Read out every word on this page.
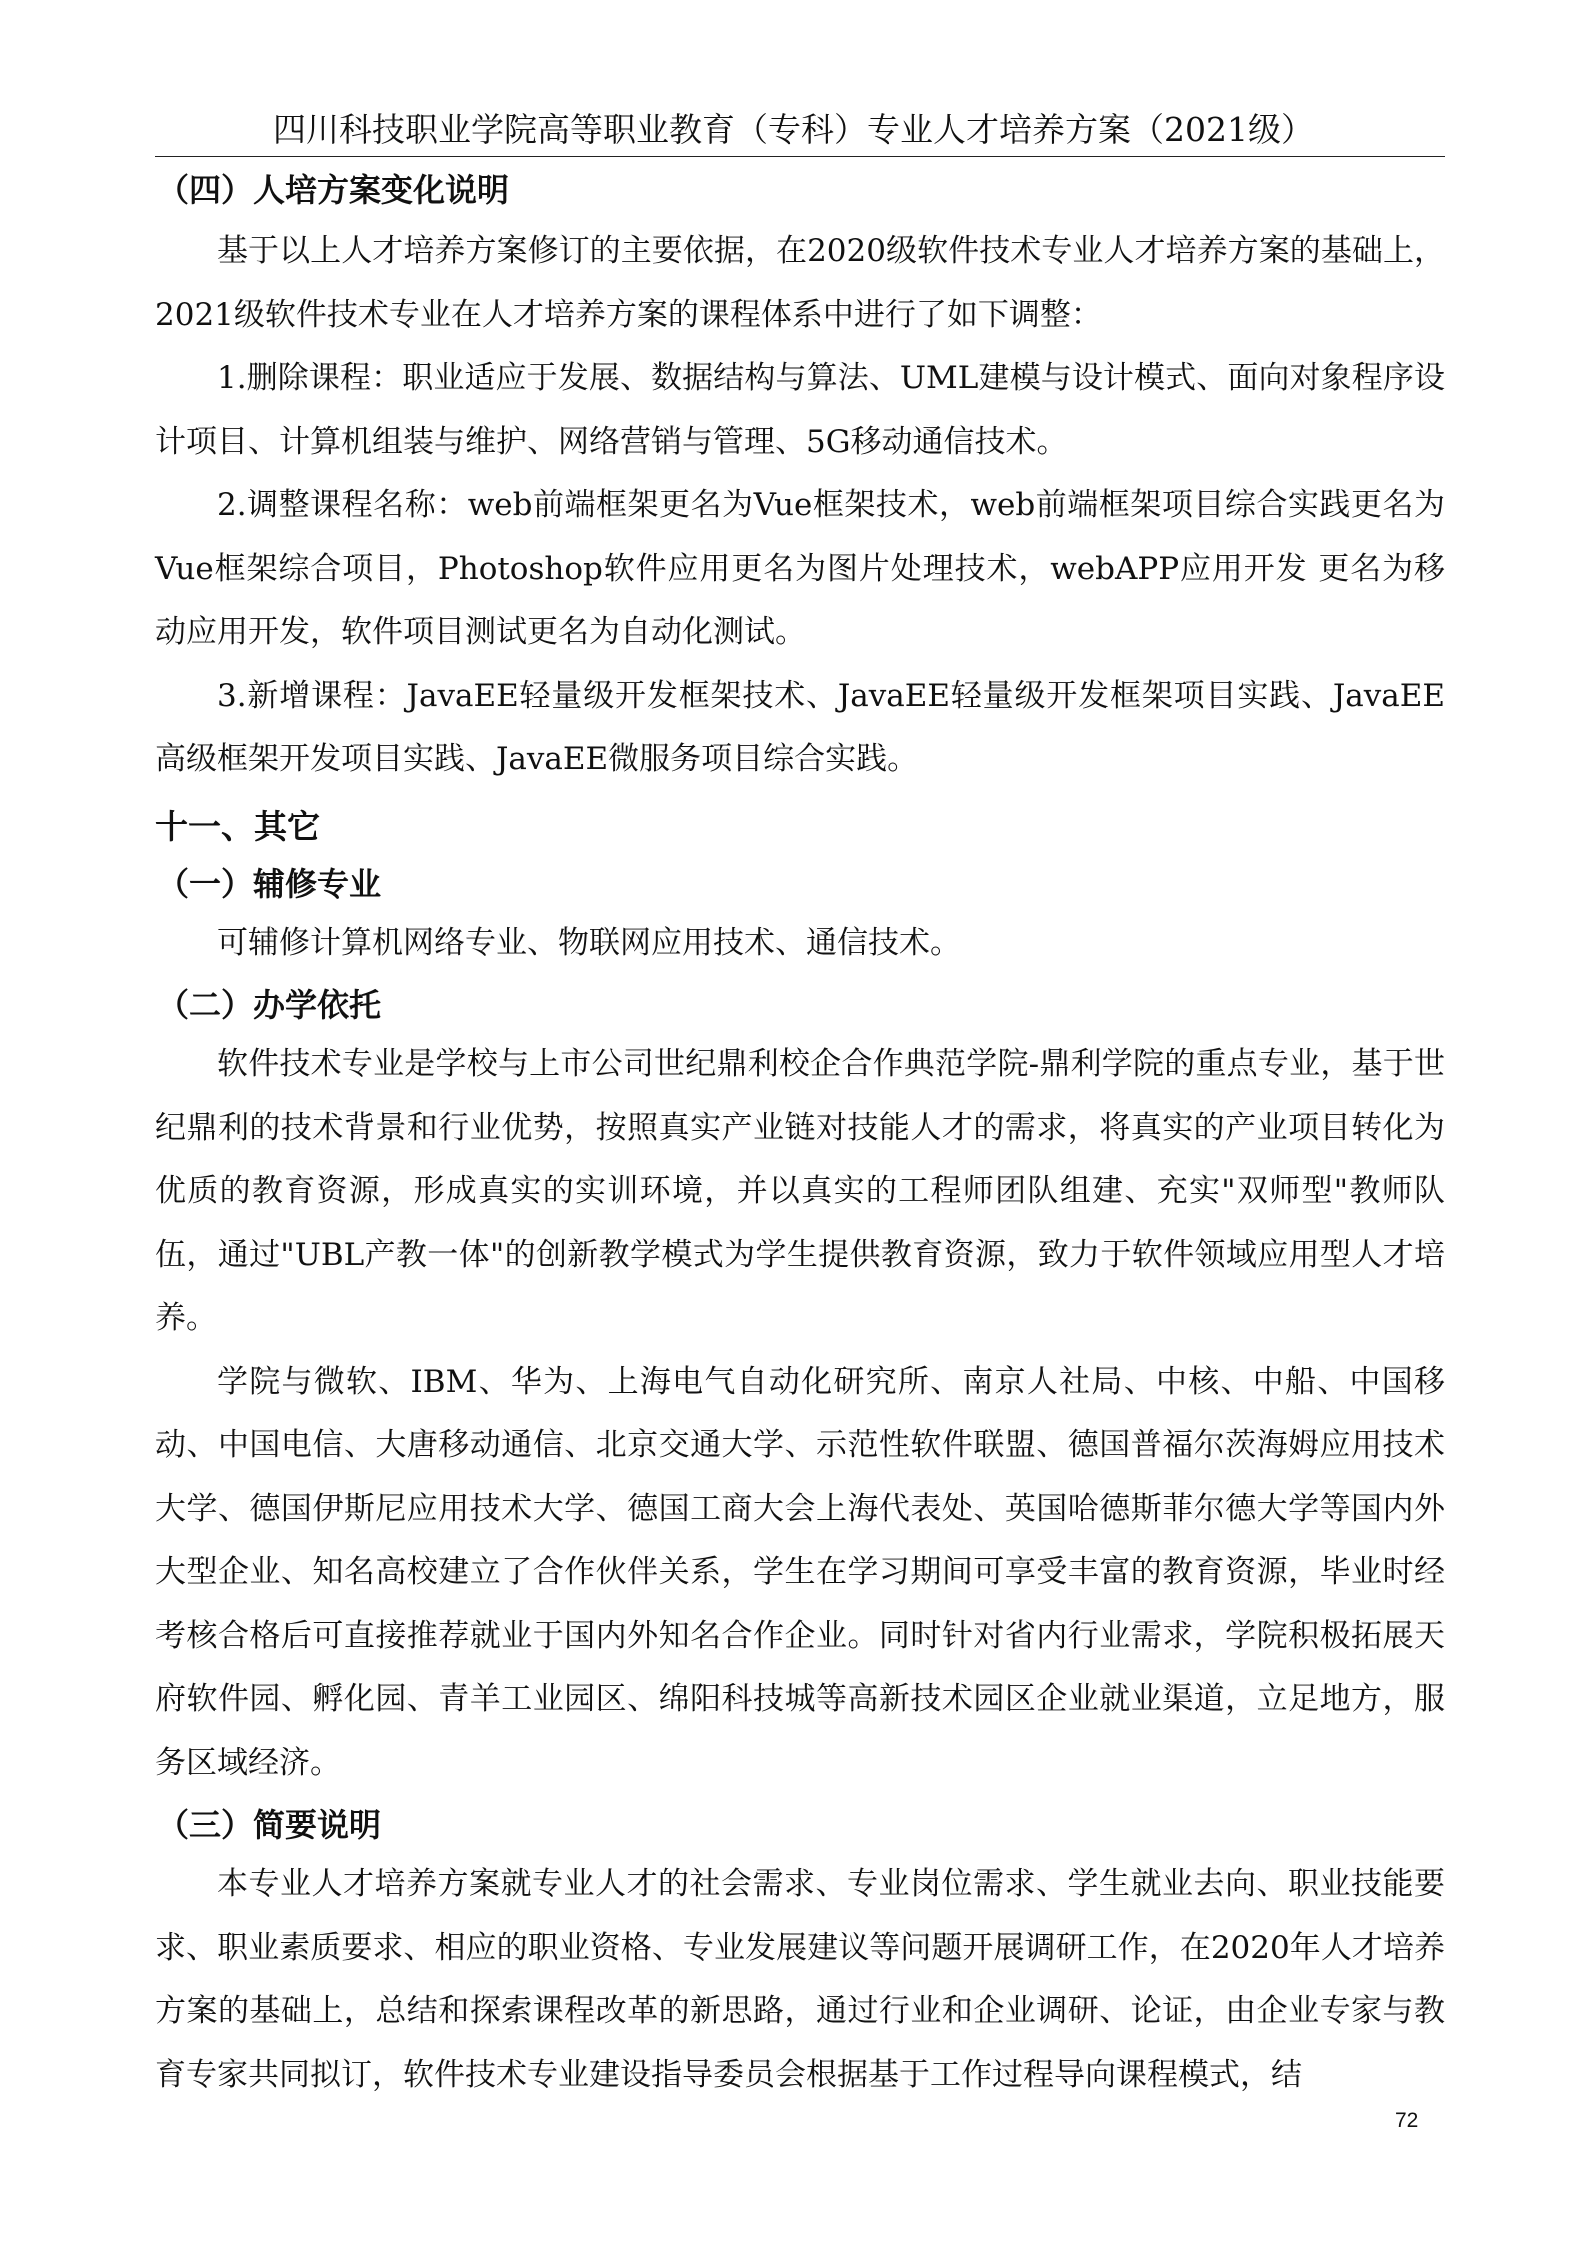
四川科技职业学院高等职业教育（专科）专业人才培养方案（2021级）
（四）人培方案变化说明

基于以上人才培养方案修订的主要依据，在2020级软件技术专业人才培养方案的基础上，2021级软件技术专业在人才培养方案的课程体系中进行了如下调整：

1.删除课程：职业适应于发展、数据结构与算法、UML建模与设计模式、面向对象程序设计项目、计算机组装与维护、网络营销与管理、5G移动通信技术。

2.调整课程名称：web前端框架更名为Vue框架技术，web前端框架项目综合实践更名为Vue框架综合项目，Photoshop软件应用更名为图片处理技术，webAPP应用开发 更名为移动应用开发，软件项目测试更名为自动化测试。

3.新增课程：JavaEE轻量级开发框架技术、JavaEE轻量级开发框架项目实践、JavaEE高级框架开发项目实践、JavaEE微服务项目综合实践。

十一、其它
（一）辅修专业

可辅修计算机网络专业、物联网应用技术、通信技术。

（二）办学依托

软件技术专业是学校与上市公司世纪鼎利校企合作典范学院-鼎利学院的重点专业，基于世纪鼎利的技术背景和行业优势，按照真实产业链对技能人才的需求，将真实的产业项目转化为优质的教育资源，形成真实的实训环境，并以真实的工程师团队组建、充实"双师型"教师队伍，通过"UBL产教一体"的创新教学模式为学生提供教育资源，致力于软件领域应用型人才培养。

学院与微软、IBM、华为、上海电气自动化研究所、南京人社局、中核、中船、中国移动、中国电信、大唐移动通信、北京交通大学、示范性软件联盟、德国普福尔茨海姆应用技术大学、德国伊斯尼应用技术大学、德国工商大会上海代表处、英国哈德斯菲尔德大学等国内外大型企业、知名高校建立了合作伙伴关系，学生在学习期间可享受丰富的教育资源，毕业时经考核合格后可直接推荐就业于国内外知名合作企业。同时针对省内行业需求，学院积极拓展天府软件园、孵化园、青羊工业园区、绵阳科技城等高新技术园区企业就业渠道，立足地方，服务区域经济。

（三）简要说明

本专业人才培养方案就专业人才的社会需求、专业岗位需求、学生就业去向、职业技能要求、职业素质要求、相应的职业资格、专业发展建议等问题开展调研工作，在2020年人才培养方案的基础上，总结和探索课程改革的新思路，通过行业和企业调研、论证，由企业专家与教育专家共同拟订，软件技术专业建设指导委员会根据基于工作过程导向课程模式，结

72
